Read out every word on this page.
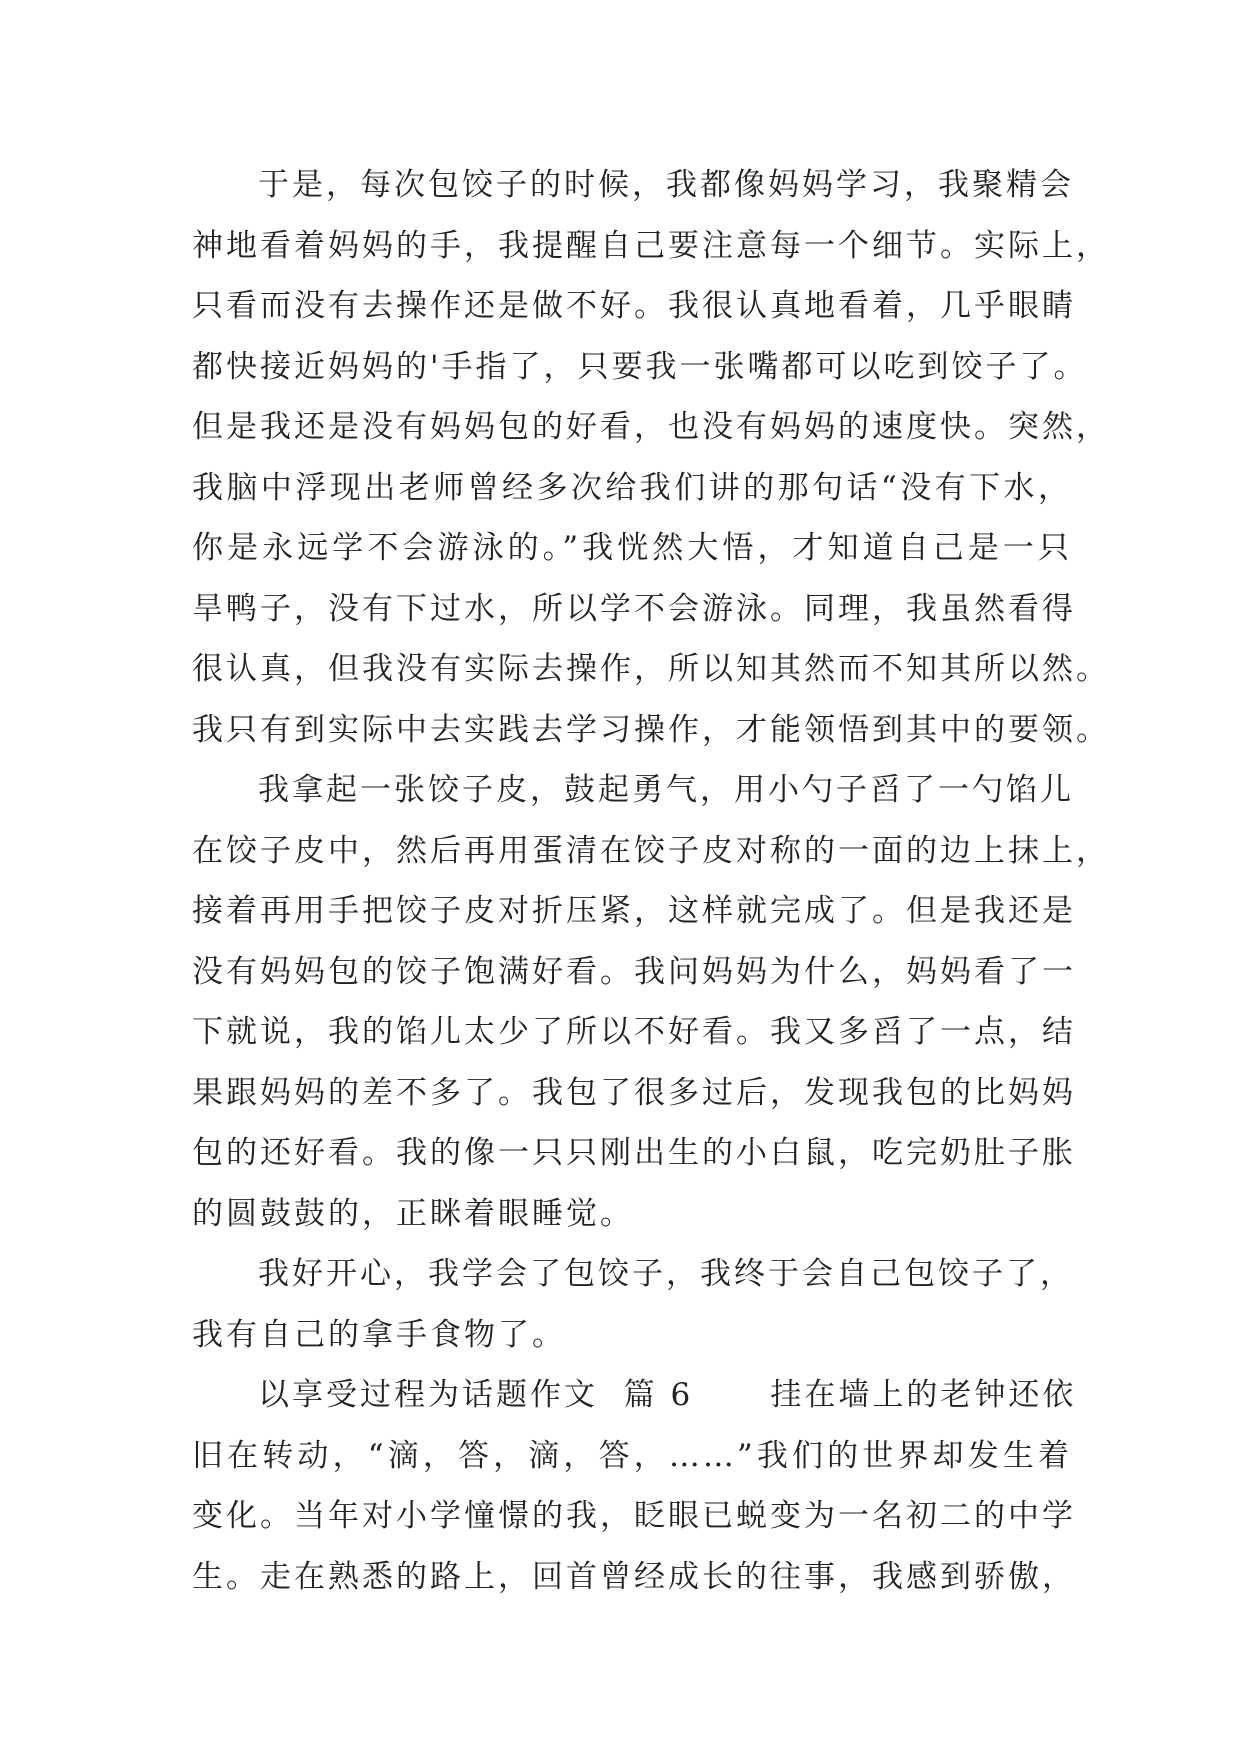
于是，每次包饺子的时候，我都像妈妈学习，我聚精会
神地看着妈妈的手，我提醒自己要注意每一个细节。实际上，
只看而没有去操作还是做不好。我很认真地看着，几乎眼睛
都快接近妈妈的'手指了，只要我一张嘴都可以吃到饺子了。
但是我还是没有妈妈包的好看，也没有妈妈的速度快。突然，
我脑中浮现出老师曾经多次给我们讲的那句话“没有下水，
你是永远学不会游泳的。”我恍然大悟，才知道自己是一只
旱鸭子，没有下过水，所以学不会游泳。同理，我虽然看得
很认真，但我没有实际去操作，所以知其然而不知其所以然。
我只有到实际中去实践去学习操作，才能领悟到其中的要领。
我拿起一张饺子皮，鼓起勇气，用小勺子舀了一勺馅儿
在饺子皮中，然后再用蛋清在饺子皮对称的一面的边上抹上，
接着再用手把饺子皮对折压紧，这样就完成了。但是我还是
没有妈妈包的饺子饱满好看。我问妈妈为什么，妈妈看了一
下就说，我的馅儿太少了所以不好看。我又多舀了一点，结
果跟妈妈的差不多了。我包了很多过后，发现我包的比妈妈
包的还好看。我的像一只只刚出生的小白鼠，吃完奶肚子胀
的圆鼓鼓的，正眯着眼睡觉。
我好开心，我学会了包饺子，我终于会自己包饺子了，
我有自己的拿手食物了。
以享受过程为话题作文  篇 6      挂在墙上的老钟还依
旧在转动，“滴，答，滴，答，……”我们的世界却发生着
变化。当年对小学憧憬的我，眨眼已蜕变为一名初二的中学
生。走在熟悉的路上，回首曾经成长的往事，我感到骄傲，
